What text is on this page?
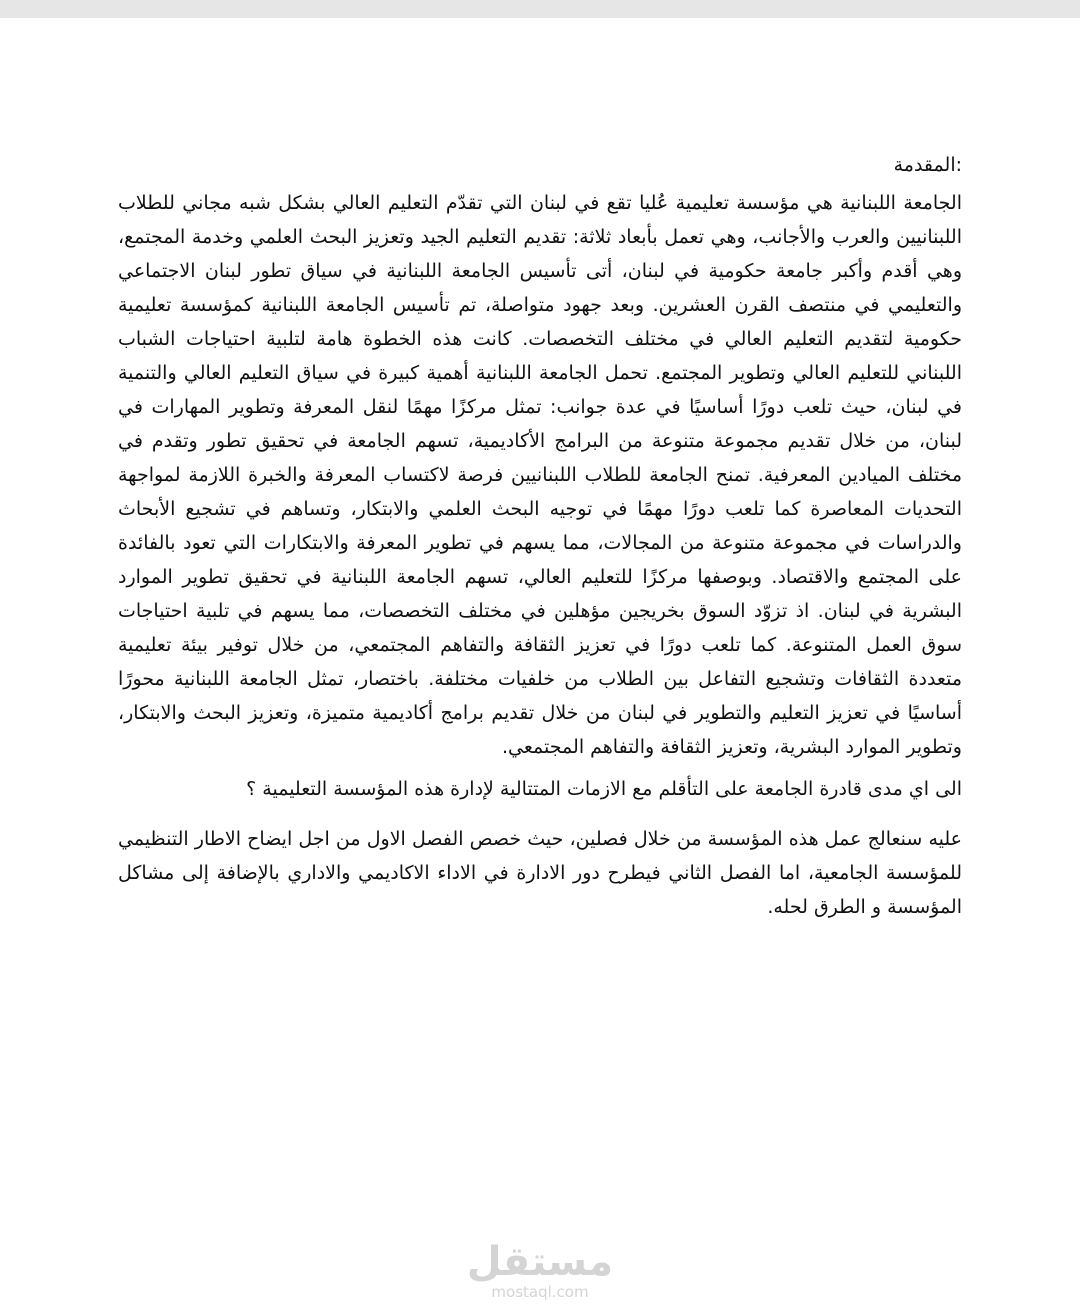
:المقدمة

الجامعة اللبنانية هي مؤسسة تعليمية عُليا تقع في لبنان التي تقدّم التعليم العالي بشكل شبه مجاني للطلاب اللبنانيين والعرب والأجانب، وهي تعمل بأبعاد ثلاثة: تقديم التعليم الجيد وتعزيز البحث العلمي وخدمة المجتمع، وهي أقدم وأكبر جامعة حكومية في لبنان، أتى تأسيس الجامعة اللبنانية في سياق تطور لبنان الاجتماعي والتعليمي في منتصف القرن العشرين. وبعد جهود متواصلة، تم تأسيس الجامعة اللبنانية كمؤسسة تعليمية حكومية لتقديم التعليم العالي في مختلف التخصصات. كانت هذه الخطوة هامة لتلبية احتياجات الشباب اللبناني للتعليم العالي وتطوير المجتمع. تحمل الجامعة اللبنانية أهمية كبيرة في سياق التعليم العالي والتنمية في لبنان، حيث تلعب دورًا أساسيًا في عدة جوانب: تمثل مركزًا مهمًا لنقل المعرفة وتطوير المهارات في لبنان، من خلال تقديم مجموعة متنوعة من البرامج الأكاديمية، تسهم الجامعة في تحقيق تطور وتقدم في مختلف الميادين المعرفية. تمنح الجامعة للطلاب اللبنانيين فرصة لاكتساب المعرفة والخبرة اللازمة لمواجهة التحديات المعاصرة كما تلعب دورًا مهمًا في توجيه البحث العلمي والابتكار، وتساهم في تشجيع الأبحاث والدراسات في مجموعة متنوعة من المجالات، مما يسهم في تطوير المعرفة والابتكارات التي تعود بالفائدة على المجتمع والاقتصاد. وبوصفها مركزًا للتعليم العالي، تسهم الجامعة اللبنانية في تحقيق تطوير الموارد البشرية في لبنان. اذ تزوّد السوق بخريجين مؤهلين في مختلف التخصصات، مما يسهم في تلبية احتياجات سوق العمل المتنوعة. كما تلعب دورًا في تعزيز الثقافة والتفاهم المجتمعي، من خلال توفير بيئة تعليمية متعددة الثقافات وتشجيع التفاعل بين الطلاب من خلفيات مختلفة. باختصار، تمثل الجامعة اللبنانية محورًا أساسيًا في تعزيز التعليم والتطوير في لبنان من خلال تقديم برامج أكاديمية متميزة، وتعزيز البحث والابتكار، وتطوير الموارد البشرية، وتعزيز الثقافة والتفاهم المجتمعي.

الى اي مدى قادرة الجامعة على التأقلم مع الازمات المتتالية لإدارة هذه المؤسسة التعليمية ؟

عليه سنعالج عمل هذه المؤسسة من خلال فصلين، حيث خصص الفصل الاول من اجل ايضاح الاطار التنظيمي للمؤسسة الجامعية، اما الفصل الثاني فيطرح دور الادارة في الاداء الاكاديمي والاداري بالإضافة إلى مشاكل المؤسسة و الطرق لحله.

مستقل
mostaql.com
